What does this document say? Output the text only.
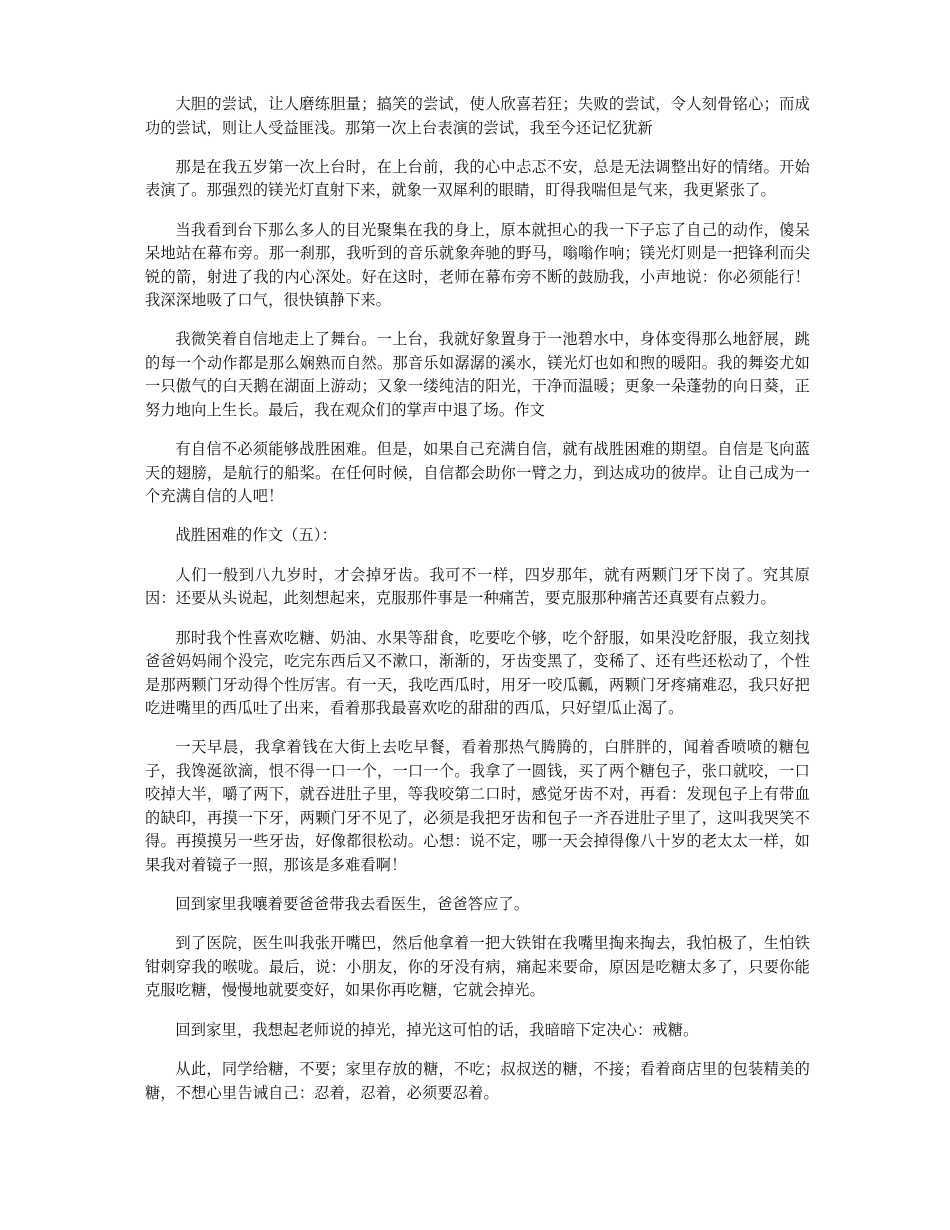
大胆的尝试，让人磨练胆量；搞笑的尝试，使人欣喜若狂；失败的尝试，令人刻骨铭心；而成功的尝试，则让人受益匪浅。那第一次上台表演的尝试，我至今还记忆犹新

那是在我五岁第一次上台时，在上台前，我的心中忐忑不安，总是无法调整出好的情绪。开始表演了。那强烈的镁光灯直射下来，就象一双犀利的眼睛，盯得我喘但是气来，我更紧张了。

当我看到台下那么多人的目光聚集在我的身上，原本就担心的我一下子忘了自己的动作，傻呆呆地站在幕布旁。那一刹那，我听到的音乐就象奔驰的野马，嗡嗡作响；镁光灯则是一把锋利而尖锐的箭，射进了我的内心深处。好在这时，老师在幕布旁不断的鼓励我，小声地说：你必须能行！我深深地吸了口气，很快镇静下来。

我微笑着自信地走上了舞台。一上台，我就好象置身于一池碧水中，身体变得那么地舒展，跳的每一个动作都是那么娴熟而自然。那音乐如潺潺的溪水，镁光灯也如和煦的暖阳。我的舞姿尤如一只傲气的白天鹅在湖面上游动；又象一缕纯洁的阳光，干净而温暖；更象一朵蓬勃的向日葵，正努力地向上生长。最后，我在观众们的掌声中退了场。作文

有自信不必须能够战胜困难。但是，如果自己充满自信，就有战胜困难的期望。自信是飞向蓝天的翅膀，是航行的船桨。在任何时候，自信都会助你一臂之力，到达成功的彼岸。让自己成为一个充满自信的人吧！

战胜困难的作文（五）：

人们一般到八九岁时，才会掉牙齿。我可不一样，四岁那年，就有两颗门牙下岗了。究其原因：还要从头说起，此刻想起来，克服那件事是一种痛苦，要克服那种痛苦还真要有点毅力。

那时我个性喜欢吃糖、奶油、水果等甜食，吃要吃个够，吃个舒服，如果没吃舒服，我立刻找爸爸妈妈闹个没完，吃完东西后又不漱口，渐渐的，牙齿变黑了，变稀了、还有些还松动了，个性是那两颗门牙动得个性厉害。有一天，我吃西瓜时，用牙一咬瓜瓤，两颗门牙疼痛难忍，我只好把吃进嘴里的西瓜吐了出来，看着那我最喜欢吃的甜甜的西瓜，只好望瓜止渴了。

一天早晨，我拿着钱在大街上去吃早餐，看着那热气腾腾的，白胖胖的，闻着香喷喷的糖包子，我馋涎欲滴，恨不得一口一个，一口一个。我拿了一圆钱，买了两个糖包子，张口就咬，一口咬掉大半，嚼了两下，就吞进肚子里，等我咬第二口时，感觉牙齿不对，再看：发现包子上有带血的缺印，再摸一下牙，两颗门牙不见了，必须是我把牙齿和包子一齐吞进肚子里了，这叫我哭笑不得。再摸摸另一些牙齿，好像都很松动。心想：说不定，哪一天会掉得像八十岁的老太太一样，如果我对着镜子一照，那该是多难看啊！

回到家里我嚷着要爸爸带我去看医生，爸爸答应了。

到了医院，医生叫我张开嘴巴，然后他拿着一把大铁钳在我嘴里掏来掏去，我怕极了，生怕铁钳刺穿我的喉咙。最后，说：小朋友，你的牙没有病，痛起来要命，原因是吃糖太多了，只要你能克服吃糖，慢慢地就要变好，如果你再吃糖，它就会掉光。

回到家里，我想起老师说的掉光，掉光这可怕的话，我暗暗下定决心：戒糖。

从此，同学给糖，不要；家里存放的糖，不吃；叔叔送的糖，不接；看着商店里的包装精美的糖，不想心里告诫自己：忍着，忍着，必须要忍着。
